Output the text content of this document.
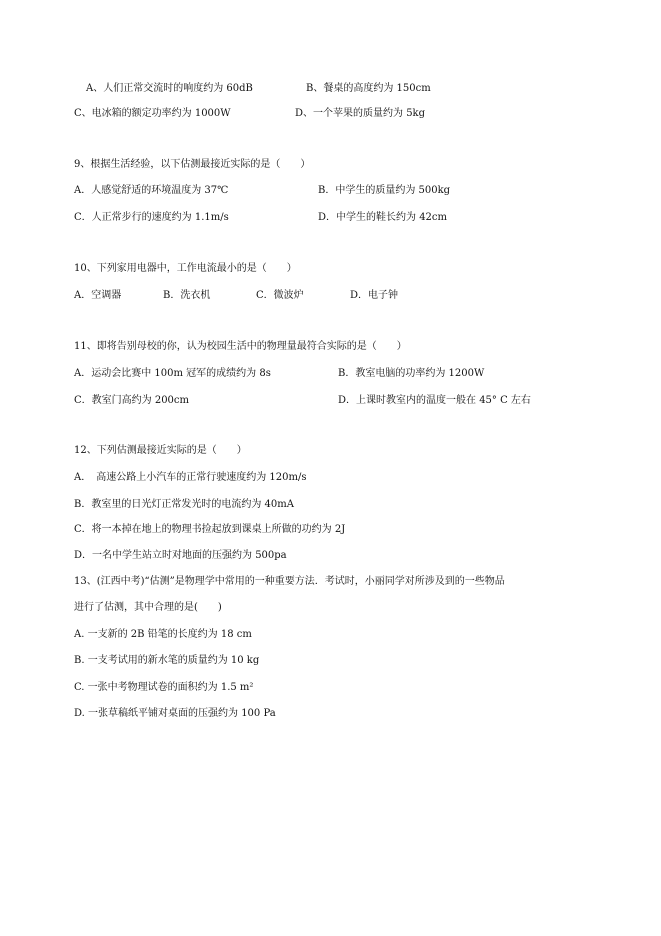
A、人们正常交流时的响度约为 60dB	B、餐桌的高度约为 150cm
C、电冰箱的额定功率约为 1000W	D、一个苹果的质量约为 5kg
9、根据生活经验，以下估测最接近实际的是（　　）
A．人感觉舒适的环境温度为 37℃	B．中学生的质量约为 500kg
C．人正常步行的速度约为 1.1m/s	D．中学生的鞋长约为 42cm
10、下列家用电器中，工作电流最小的是（　　）
A．空调器	B．洗衣机	C．微波炉	D．电子钟
11、即将告别母校的你，认为校园生活中的物理量最符合实际的是（　　）
A．运动会比赛中 100m 冠军的成绩约为 8s	B．教室电脑的功率约为 1200W
C．教室门高约为 200cm	D．上课时教室内的温度一般在 45° C 左右
12、下列估测最接近实际的是（　　）
A．　高速公路上小汽车的正常行驶速度约为 120m/s
B．教室里的日光灯正常发光时的电流约为 40mA
C．将一本掉在地上的物理书捡起放到课桌上所做的功约为 2J
D．一名中学生站立时对地面的压强约为 500pa
13、(江西中考)“估测”是物理学中常用的一种重要方法．考试时，小丽同学对所涉及到的一些物品
进行了估测，其中合理的是(　　)
A. 一支新的 2B 铅笔的长度约为 18 cm
B. 一支考试用的新水笔的质量约为 10 kg
C. 一张中考物理试卷的面积约为 1.5 m²
D. 一张草稿纸平铺对桌面的压强约为 100 Pa
